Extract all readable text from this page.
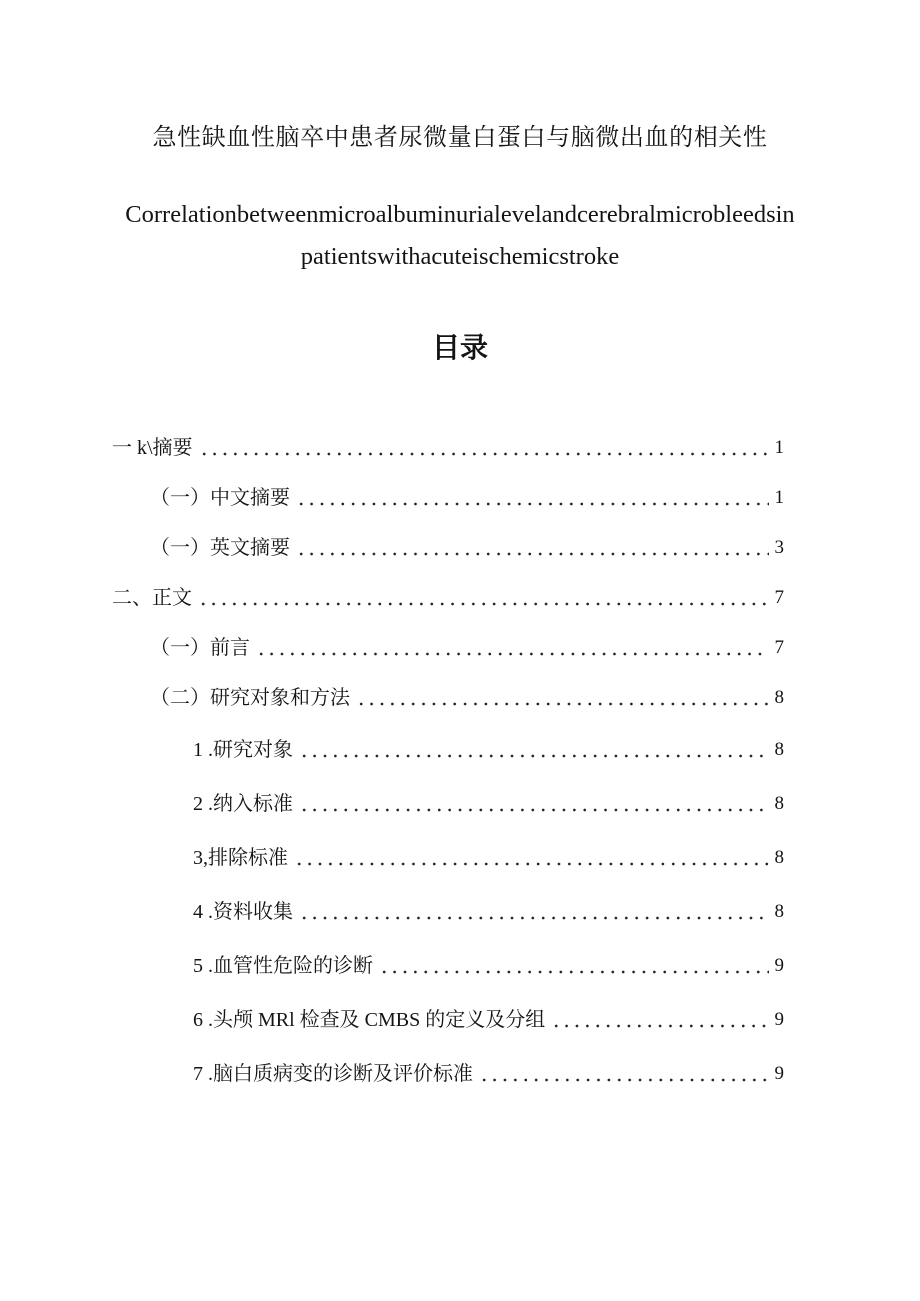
急性缺血性脑卒中患者尿微量白蛋白与脑微出血的相关性
Correlationbetweenmicroalbuminurialevelandcerebralmicrobleedsin
patientswithacuteischemicstroke
目录
一 k\摘要	1
（一）中文摘要	1
（一）英文摘要	3
二、正文	7
（一）前言	7
（二）研究对象和方法	8
1 .研究对象	8
2 .纳入标准	8
3,排除标准	8
4 .资料收集	8
5 .血管性危险的诊断	9
6 .头颅 MRl 检查及 CMBS 的定义及分组	9
7 .脑白质病变的诊断及评价标准	9
